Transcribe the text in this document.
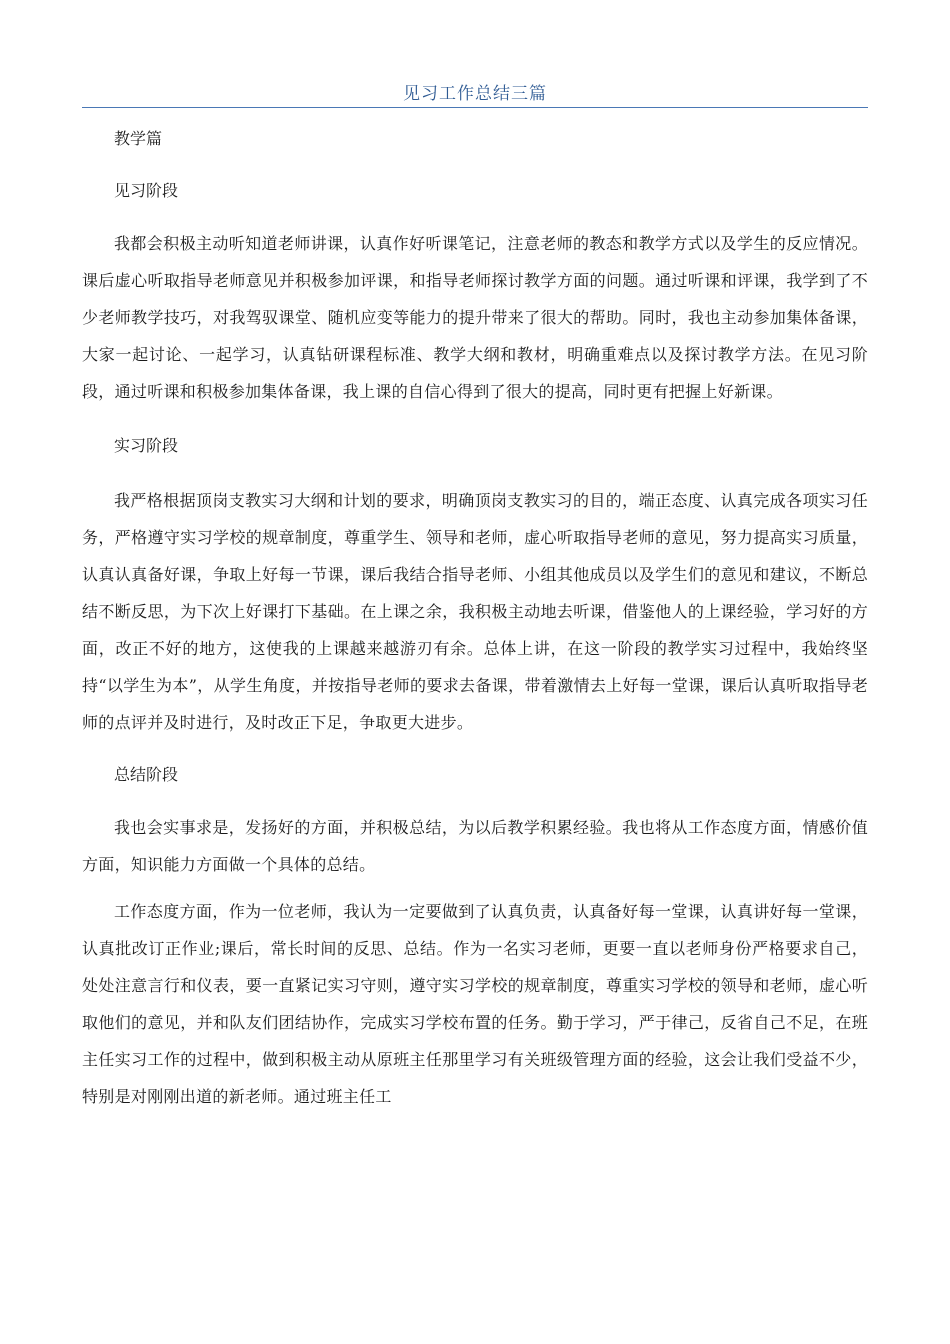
见习工作总结三篇

教学篇

见习阶段

我都会积极主动听知道老师讲课，认真作好听课笔记，注意老师的教态和教学方式以及学生的反应情况。课后虚心听取指导老师意见并积极参加评课，和指导老师探讨教学方面的问题。通过听课和评课，我学到了不少老师教学技巧，对我驾驭课堂、随机应变等能力的提升带来了很大的帮助。同时，我也主动参加集体备课，大家一起讨论、一起学习，认真钻研课程标准、教学大纲和教材，明确重难点以及探讨教学方法。在见习阶段，通过听课和积极参加集体备课，我上课的自信心得到了很大的提高，同时更有把握上好新课。

实习阶段

我严格根据顶岗支教实习大纲和计划的要求，明确顶岗支教实习的目的，端正态度、认真完成各项实习任务，严格遵守实习学校的规章制度，尊重学生、领导和老师，虚心听取指导老师的意见，努力提高实习质量，认真认真备好课，争取上好每一节课，课后我结合指导老师、小组其他成员以及学生们的意见和建议，不断总结不断反思，为下次上好课打下基础。在上课之余，我积极主动地去听课，借鉴他人的上课经验，学习好的方面，改正不好的地方，这使我的上课越来越游刃有余。总体上讲，在这一阶段的教学实习过程中，我始终坚持“以学生为本”，从学生角度，并按指导老师的要求去备课，带着激情去上好每一堂课，课后认真听取指导老师的点评并及时进行，及时改正下足，争取更大进步。

总结阶段

我也会实事求是，发扬好的方面，并积极总结，为以后教学积累经验。我也将从工作态度方面，情感价值方面，知识能力方面做一个具体的总结。

工作态度方面，作为一位老师，我认为一定要做到了认真负责，认真备好每一堂课，认真讲好每一堂课，认真批改订正作业;课后，常长时间的反思、总结。作为一名实习老师，更要一直以老师身份严格要求自己，处处注意言行和仪表，要一直紧记实习守则，遵守实习学校的规章制度，尊重实习学校的领导和老师，虚心听取他们的意见，并和队友们团结协作，完成实习学校布置的任务。勤于学习，严于律己，反省自己不足，在班主任实习工作的过程中，做到积极主动从原班主任那里学习有关班级管理方面的经验，这会让我们受益不少，特别是对刚刚出道的新老师。通过班主任工
